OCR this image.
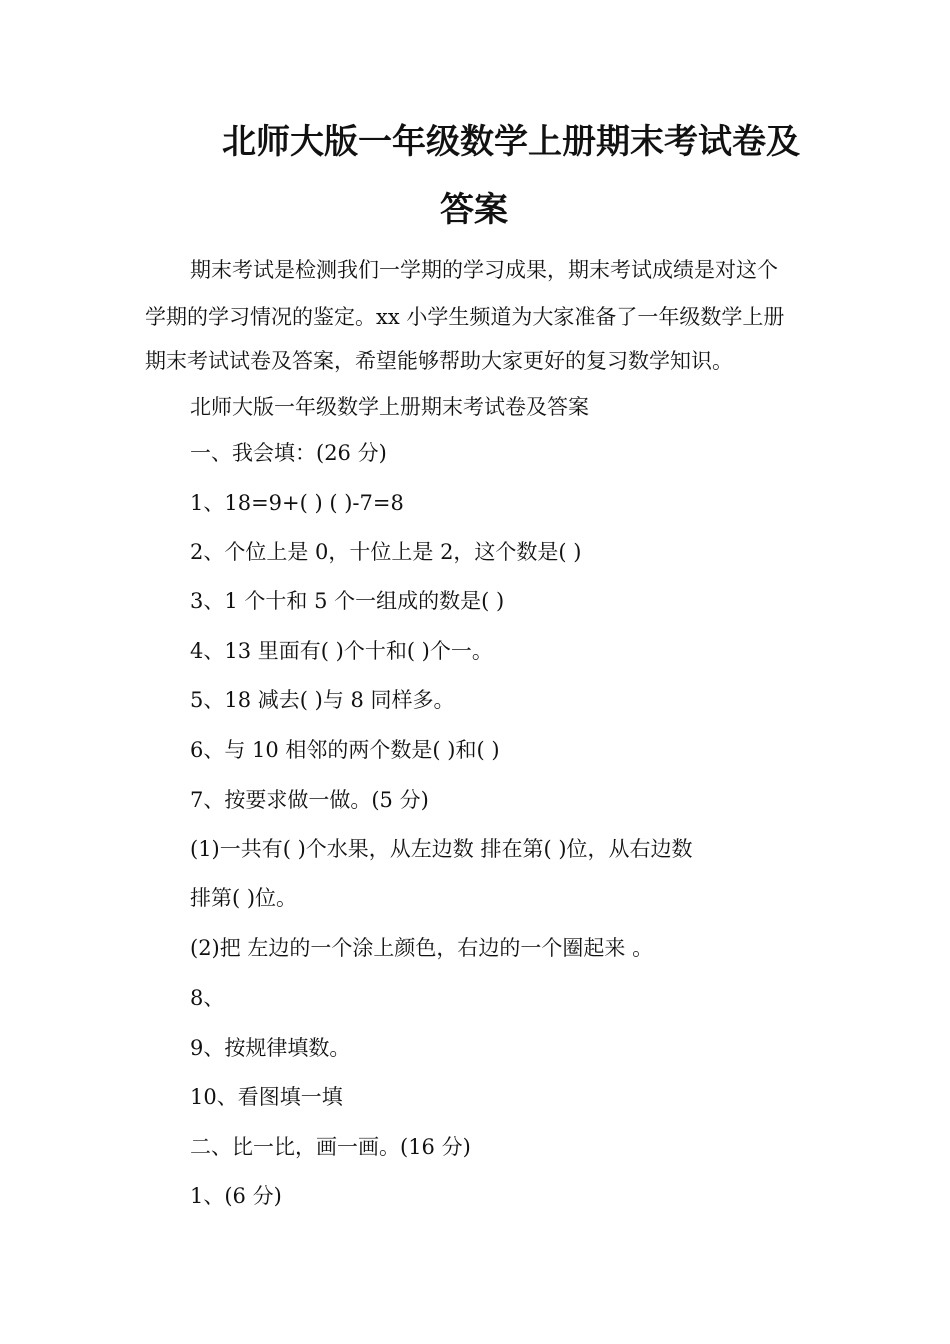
北师大版一年级数学上册期末考试卷及
答案
期末考试是检测我们一学期的学习成果，期末考试成绩是对这个
学期的学习情况的鉴定。xx 小学生频道为大家准备了一年级数学上册
期末考试试卷及答案，希望能够帮助大家更好的复习数学知识。
北师大版一年级数学上册期末考试卷及答案
一、我会填：(26 分)
1、18=9+( ) ( )-7=8
2、个位上是 0，十位上是 2，这个数是( )
3、1 个十和 5 个一组成的数是( )
4、13 里面有( )个十和( )个一。
5、18 减去( )与 8 同样多。
6、与 10 相邻的两个数是( )和( )
7、按要求做一做。(5 分)
(1)一共有( )个水果，从左边数 排在第( )位，从右边数
排第( )位。
(2)把 左边的一个涂上颜色，右边的一个圈起来 。
8、
9、按规律填数。
10、看图填一填
二、比一比，画一画。(16 分)
1、(6 分)
